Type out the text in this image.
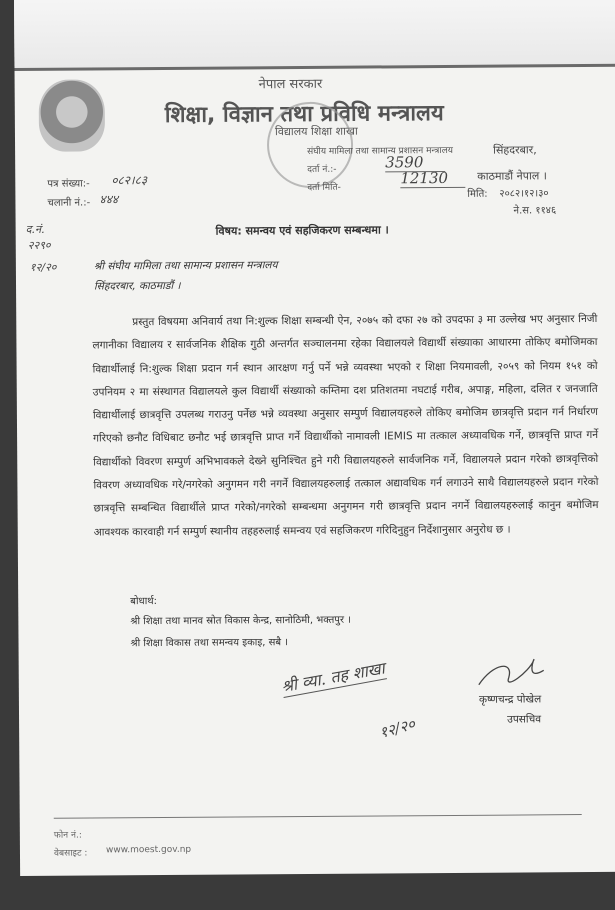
नेपाल सरकार
शिक्षा, विज्ञान तथा प्रविधि मन्त्रालय
विद्यालय शिक्षा शाखा
संघीय मामिला तथा सामान्य प्रशासन मन्त्रालय
दर्ता नं.:-	3590
दर्ता मिति-
12130
सिंहदरबार,
काठमाडौं नेपाल ।
मिति: २०८२।१२।३०
ने.स. ११४६
पत्र संख्या:- ०८२।८३
चलानी नं.:- ४४४
द.नं.
२२९०
१२/२०
विषय: समन्वय एवं सहजिकरण सम्बन्धमा ।
श्री संघीय मामिला तथा सामान्य प्रशासन मन्त्रालय
सिंहदरबार, काठमाडौं ।
प्रस्तुत विषयमा अनिवार्य तथा नि:शुल्क शिक्षा सम्बन्धी ऐन, २०७५ को दफा २७ को उपदफा ३ मा उल्लेख भए अनुसार निजी लगानीका विद्यालय र सार्वजनिक शैक्षिक गुठी अन्तर्गत सञ्चालनमा रहेका विद्यालयले विद्यार्थी संख्याका आधारमा तोकिए बमोजिमका विद्यार्थीलाई नि:शुल्क शिक्षा प्रदान गर्न स्थान आरक्षण गर्नु पर्ने भन्ने व्यवस्था भएको र शिक्षा नियमावली, २०५९ को नियम १५१ को उपनियम २ मा संस्थागत विद्यालयले कुल विद्यार्थी संख्याको कम्तिमा दश प्रतिशतमा नघटाई गरीब, अपाङ्ग, महिला, दलित र जनजाति विद्यार्थीलाई छात्रवृत्ति उपलब्ध गराउनु पर्नेछ भन्ने व्यवस्था अनुसार सम्पुर्ण विद्यालयहरुले तोकिए बमोजिम छात्रवृत्ति प्रदान गर्न निर्धारण गरिएको छनौट विधिबाट छनौट भई छात्रवृत्ति प्राप्त गर्ने विद्यार्थीको नामावली IEMIS मा तत्काल अध्यावधिक गर्ने, छात्रवृत्ति प्राप्त गर्ने विद्यार्थीको विवरण सम्पुर्ण अभिभावकले देख्ने सुनिश्चित हुने गरी विद्यालयहरुले सार्वजनिक गर्ने, विद्यालयले प्रदान गरेको छात्रवृत्तिको विवरण अध्यावधिक गरे/नगरेको अनुगमन गरी नगर्ने विद्यालयहरुलाई तत्काल अद्यावधिक गर्न लगाउने साथै विद्यालयहरुले प्रदान गरेको छात्रवृत्ति सम्बन्धित विद्यार्थीले प्राप्त गरेको/नगरेको सम्बन्धमा अनुगमन गरी छात्रवृत्ति प्रदान नगर्ने विद्यालयहरुलाई कानुन बमोजिम आवश्यक कारवाही गर्न सम्पुर्ण स्थानीय तहहरुलाई समन्वय एवं सहजिकरण गरिदिनुहुन निर्देशानुसार अनुरोध छ ।
बोधार्थ:
श्री शिक्षा तथा मानव स्रोत विकास केन्द्र, सानोठिमी, भक्तपुर ।
श्री शिक्षा विकास तथा समन्वय इकाइ, सबै ।
श्री व्या. तह शाखा
१२/२०
कृष्णचन्द्र पोखेल
उपसचिव
फोन नं.:
वेबसाइट : www.moest.gov.np
